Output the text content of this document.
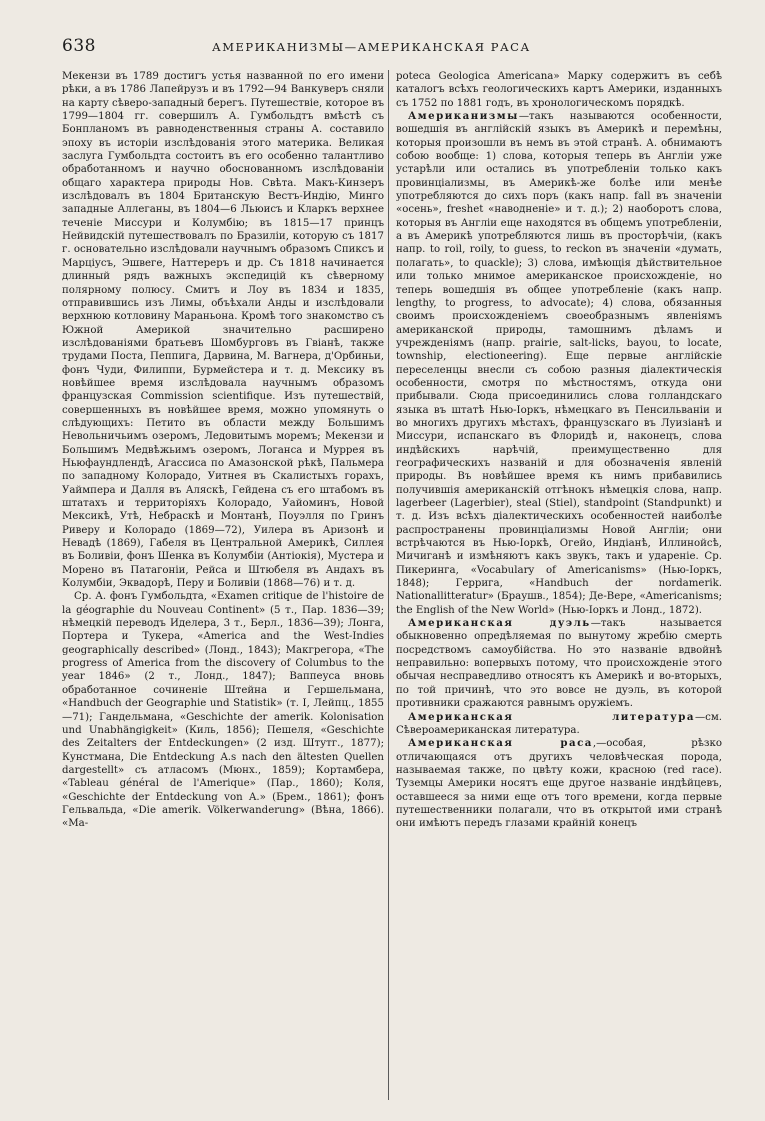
638	АМЕРИКАНИЗМЫ—АМЕРИКАНСКАЯ РАСА

Мекензи въ 1789 достигъ устья названной по его имени рѣки, а въ 1786 Лапейрузъ и въ 1792—94 Ванкуверъ сняли на карту сѣверо-западный берегъ. Путешествіе, которое въ 1799—1804 гг. совершилъ А. Гумбольдтъ вмѣстѣ съ Бонпланомъ въ равноденственныя страны А. составило эпоху въ исторіи изслѣдованія этого материка. Великая заслуга Гумбольдта состоитъ въ его особенно талантливо обработанномъ и научно обоснованномъ изслѣдованіи общаго характера природы Нов. Свѣта. Макъ-Кинзеръ изслѣдовалъ въ 1804 Британскую Вестъ-Индію, Минго западные Аллеганы, въ 1804—6 Льюисъ и Кларкъ верхнее теченіе Миссури и Колумбію; въ 1815—17 принцъ Нейвидскій путешествовалъ по Бразиліи, которую съ 1817 г. основательно изслѣдовали научнымъ образомъ Спиксъ и Марціусъ, Эшвеге, Наттереръ и др. Съ 1818 начинается длинный рядъ важныхъ экспедицій къ сѣверному полярному полюсу. Смитъ и Лоу въ 1834 и 1835, отправившись изъ Лимы, объѣхали Анды и изслѣдовали верхнюю котловину Мараньона. Кромѣ того знакомство съ Южной Америкой значительно расширено изслѣдованіями братьевъ Шомбурговъ въ Гвіанѣ, также трудами Поста, Пеппига, Дарвина, М. Вагнера, д'Орбиньи, фонъ Чуди, Филиппи, Бурмейстера и т. д. Мексику въ новѣйшее время изслѣдовала научнымъ образомъ французская Commission scientifique. Изъ путешествій, совершенныхъ въ новѣйшее время, можно упомянуть о слѣдующихъ: Петито въ области между Большимъ Невольничьимъ озеромъ, Ледовитымъ моремъ; Мекензи и Большимъ Медвѣжьимъ озеромъ, Логанса и Муррея въ Ньюфаундлендѣ, Агассиса по Амазонской рѣкѣ, Пальмера по западному Колорадо, Уитнея въ Скалистыхъ горахъ, Уаймпера и Далля въ Аляскѣ, Гейдена съ его штабомъ въ штатахъ и территоріяхъ Колорадо, Уайоминъ, Новой Мексикѣ, Утѣ, Небраскѣ и Монтанѣ, Поуэлля по Гринъ Риверу и Колорадо (1869—72), Уилера въ Аризонѣ и Невадѣ (1869), Габеля въ Центральной Америкѣ, Силлея въ Боливіи, фонъ Шенка въ Колумбіи (Антіокія), Мустера и Морено въ Патагоніи, Рейса и Штюбеля въ Андахъ въ Колумбіи, Эквадорѣ, Перу и Боливіи (1868—76) и т. д.

Ср. А. фонъ Гумбольдта, «Examen critique de l'histoire de la géographie du Nouveau Continent» (5 т., Пар. 1836—39; нѣмецкій переводъ Иделера, 3 т., Берл., 1836—39); Лонга, Портера и Тукера, «America and the West-Indies geographically described» (Лонд., 1843); Макгрегора, «The progress of America from the discovery of Columbus to the year 1846» (2 т., Лонд., 1847); Ваппеуса вновь обработанное сочиненіе Штейна и Гершельмана, «Handbuch der Geographie und Statistik» (т. I, Лейпц., 1855—71); Гандельмана, «Geschichte der amerik. Kolonisation und Unabhängigkeit» (Киль, 1856); Пешеля, «Geschichte des Zeitalters der Entdeckungen» (2 изд. Штутг., 1877); Кунстмана, Die Entdeckung A.s nach den ältesten Quellen dargestellt» съ атласомъ (Мюнх., 1859); Кортамбера, «Tableau général de l'Amerique» (Пар., 1860); Коля, «Geschichte der Entdeckung von A.» (Брем., 1861); фонъ Гельвальда, «Die amerik. Völkerwanderung» (Вѣна, 1866). «Ma-

poteca Geologica Americana» Марку содержитъ въ себѣ каталогъ всѣхъ геологическихъ картъ Америки, изданныхъ съ 1752 по 1881 годъ, въ хронологическомъ порядкѣ.

Американизмы—такъ называются особенности, вошедшія въ англійскій языкъ въ Америкѣ и перемѣны, которыя произошли въ немъ въ этой странѣ. А. обнимаютъ собою вообще: 1) слова, которыя теперь въ Англіи уже устарѣли или остались въ употребленіи только какъ провинціализмы, въ Америкѣ-же болѣе или менѣе употребляются до сихъ поръ (какъ напр. fall въ значеніи «осень», freshet «наводненіе» и т. д.); 2) наоборотъ слова, которыя въ Англіи еще находятся въ общемъ употребленіи, а въ Америкѣ употребляются лишь въ просторѣчіи, (какъ напр. to roil, roily, to guess, to reckon въ значеніи «думать, полагать», to quackle); 3) слова, имѣющія дѣйствительное или только мнимое американское происхожденіе, но теперь вошедшія въ общее употребленіе (какъ напр. lengthy, to progress, to advocate); 4) слова, обязанныя своимъ происхожденіемъ своеобразнымъ явленіямъ американской природы, тамошнимъ дѣламъ и учрежденіямъ (напр. prairie, salt-licks, bayou, to locate, township, electioneering). Еще первые англійскіе переселенцы внесли съ собою разныя діалектическія особенности, смотря по мѣстностямъ, откуда они прибывали. Сюда присоединились слова голландскаго языка въ штатѣ Нью-Іоркъ, нѣмецкаго въ Пенсильваніи и во многихъ другихъ мѣстахъ, французскаго въ Луизіанѣ и Миссури, испанскаго въ Флоридѣ и, наконецъ, слова индѣйскихъ нарѣчій, преимущественно для географическихъ названій и для обозначенія явленій природы. Въ новѣйшее время къ нимъ прибавились получившія американскій отгѣнокъ нѣмецкія слова, напр. lagerbeer (Lagerbier), steal (Stiel), standpoint (Standpunkt) и т. д. Изъ всѣхъ діалектическихъ особенностей наиболѣе распространены провинціализмы Новой Англіи; они встрѣчаются въ Нью-Іоркѣ, Огейо, Индіанѣ, Иллинойсѣ, Мичиганѣ и измѣняютъ какъ звукъ, такъ и удареніе. Ср. Пикеринга, «Vocabulary of Americanisms» (Нью-Іоркъ, 1848); Геррига, «Handbuch der nordamerik. Nationallitteratur» (Браушв., 1854); Де-Вере, «Americanisms; the English of the New World» (Нью-Іоркъ и Лонд., 1872).

Американская дуэль—такъ называется обыкновенно опредѣляемая по вынутому жребію смерть посредствомъ самоубійства. Но это названіе вдвойнѣ неправильно: вопервыхъ потому, что происхожденіе этого обычая несправедливо относятъ къ Америкѣ и во-вторыхъ, по той причинѣ, что это вовсе не дуэль, въ которой противники сражаются равнымъ оружіемъ.

Американская литература—см. Сѣвероамериканская литература.

Американская раса,—особая, рѣзко отличающаяся отъ другихъ человѣческая порода, называемая также, по цвѣту кожи, красною (red race). Туземцы Америки носятъ еще другое названіе индѣйцевъ, оставшееся за ними еще отъ того времени, когда первые путешественники полагали, что въ открытой ими странѣ они имѣютъ передъ глазами крайній конецъ
